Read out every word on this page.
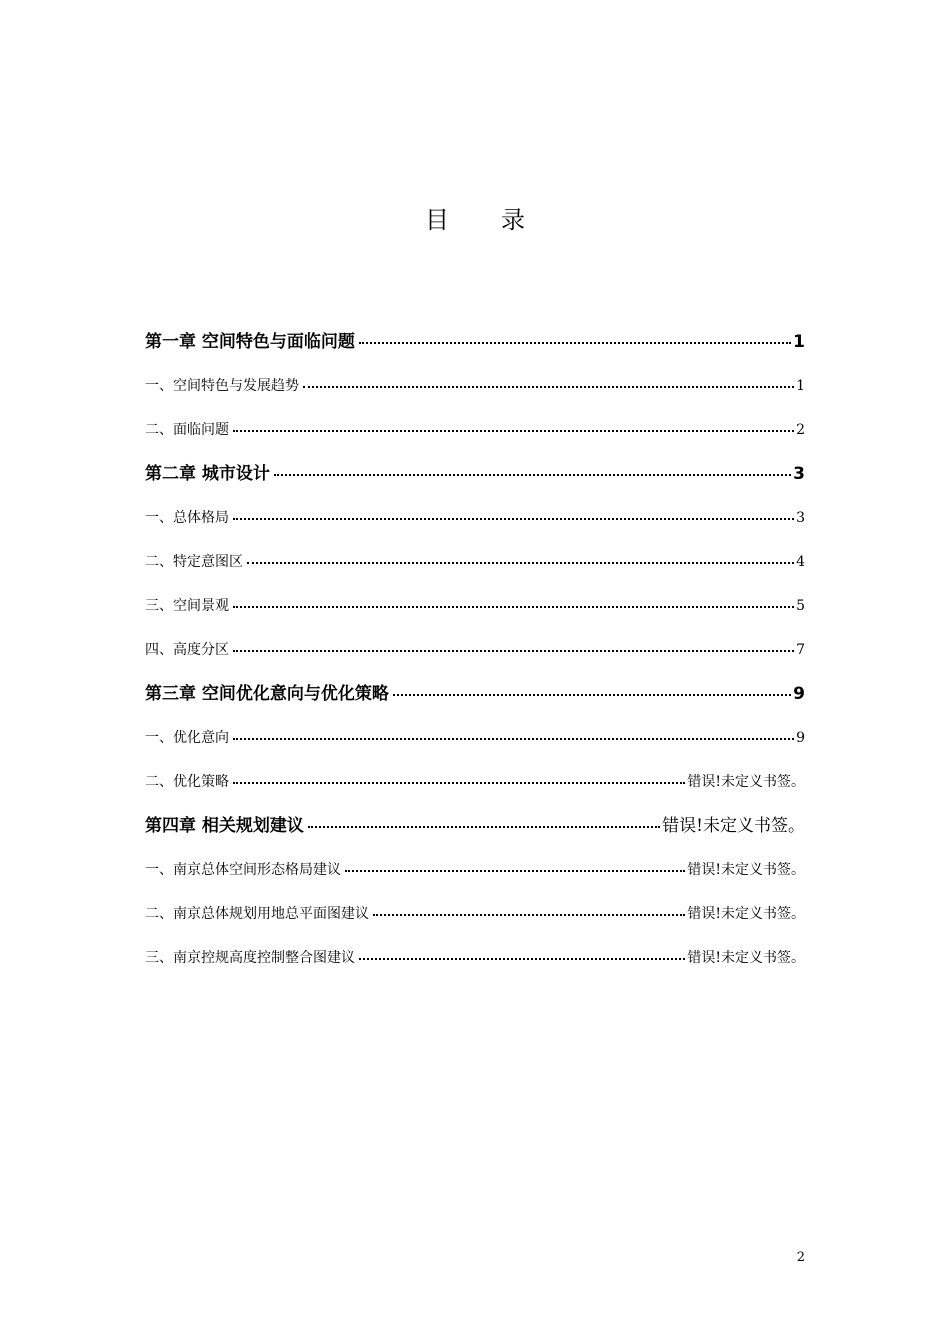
目 录
第一章 空间特色与面临问题	1
一、空间特色与发展趋势	1
二、面临问题	2
第二章 城市设计	3
一、总体格局	3
二、特定意图区	4
三、空间景观	5
四、高度分区	7
第三章 空间优化意向与优化策略	9
一、优化意向	9
二、优化策略	错误!未定义书签。
第四章 相关规划建议	错误!未定义书签。
一、南京总体空间形态格局建议	错误!未定义书签。
二、南京总体规划用地总平面图建议	错误!未定义书签。
三、南京控规高度控制整合图建议	错误!未定义书签。
2
